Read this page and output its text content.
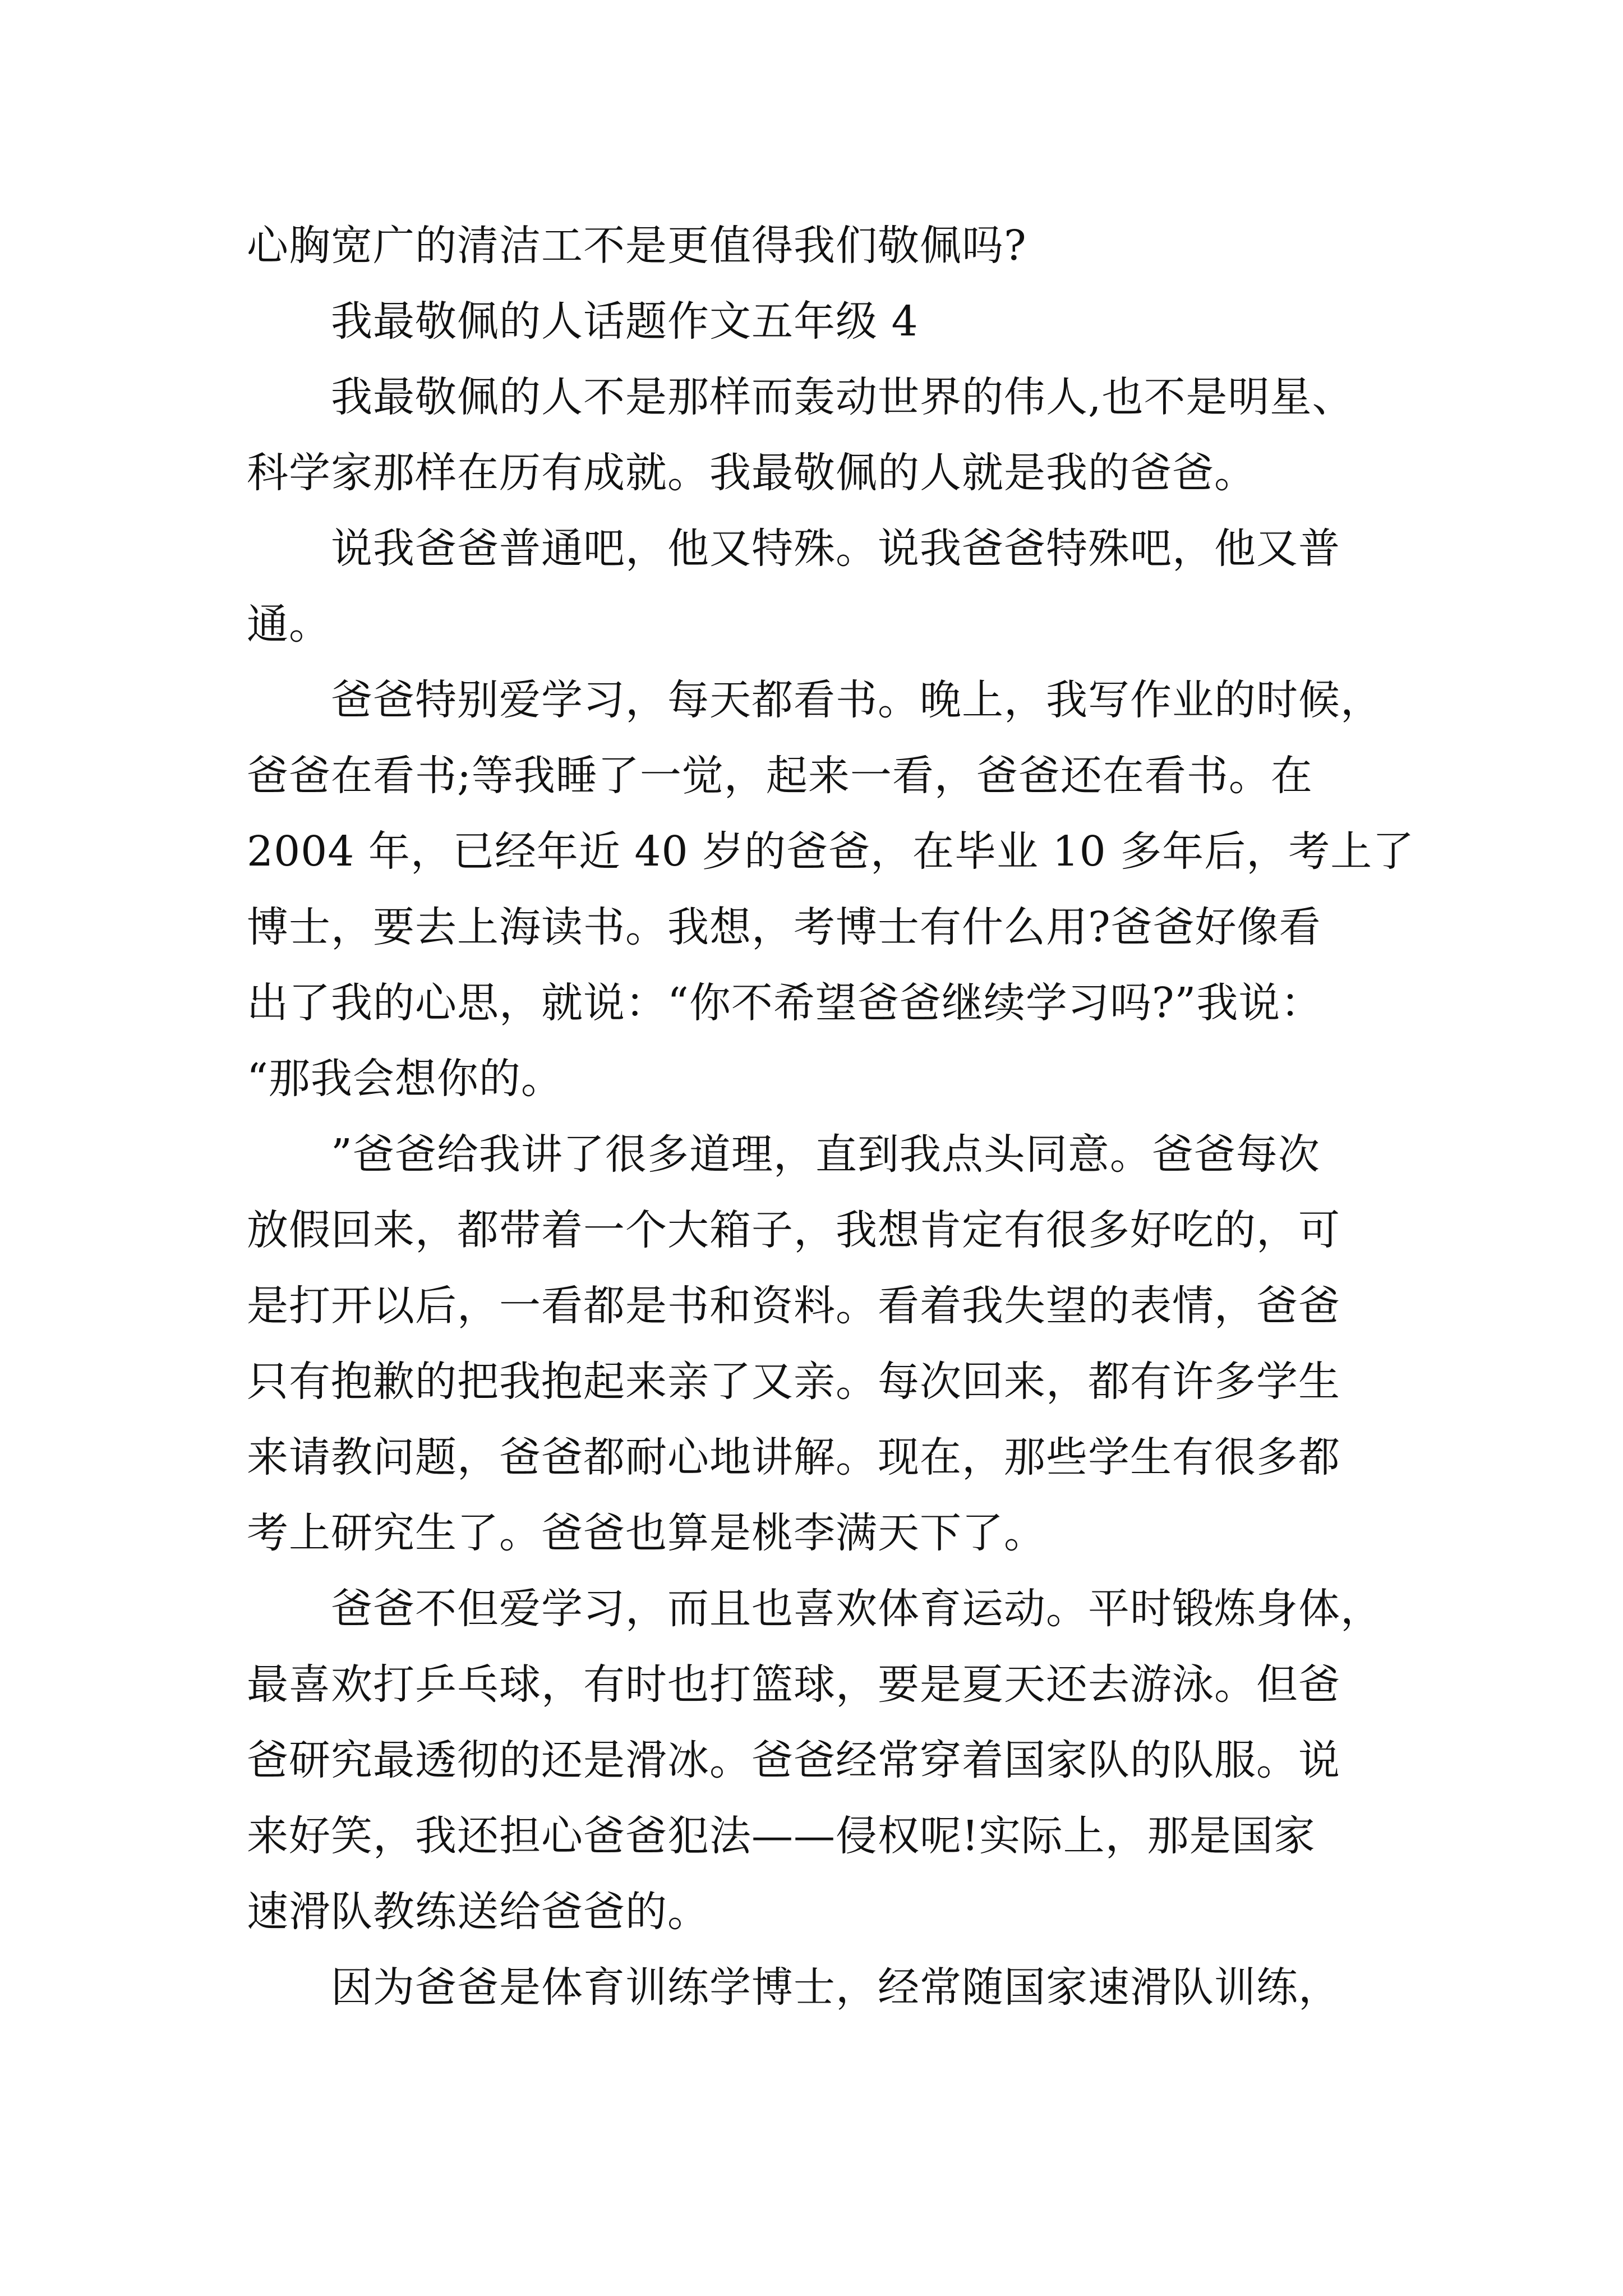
心胸宽广的清洁工不是更值得我们敬佩吗?
我最敬佩的人话题作文五年级 4
我最敬佩的人不是那样而轰动世界的伟人,也不是明星、
科学家那样在历有成就。我最敬佩的人就是我的爸爸。
说我爸爸普通吧，他又特殊。说我爸爸特殊吧，他又普
通。
爸爸特别爱学习，每天都看书。晚上，我写作业的时候，
爸爸在看书;等我睡了一觉，起来一看，爸爸还在看书。在
2004 年，已经年近 40 岁的爸爸，在毕业 10 多年后，考上了
博士，要去上海读书。我想，考博士有什么用?爸爸好像看
出了我的心思，就说：“你不希望爸爸继续学习吗?”我说：
“那我会想你的。
”爸爸给我讲了很多道理，直到我点头同意。爸爸每次
放假回来，都带着一个大箱子，我想肯定有很多好吃的，可
是打开以后，一看都是书和资料。看着我失望的表情，爸爸
只有抱歉的把我抱起来亲了又亲。每次回来，都有许多学生
来请教问题，爸爸都耐心地讲解。现在，那些学生有很多都
考上研究生了。爸爸也算是桃李满天下了。
爸爸不但爱学习，而且也喜欢体育运动。平时锻炼身体，
最喜欢打乒乓球，有时也打篮球，要是夏天还去游泳。但爸
爸研究最透彻的还是滑冰。爸爸经常穿着国家队的队服。说
来好笑，我还担心爸爸犯法——侵权呢!实际上，那是国家
速滑队教练送给爸爸的。
因为爸爸是体育训练学博士，经常随国家速滑队训练，
